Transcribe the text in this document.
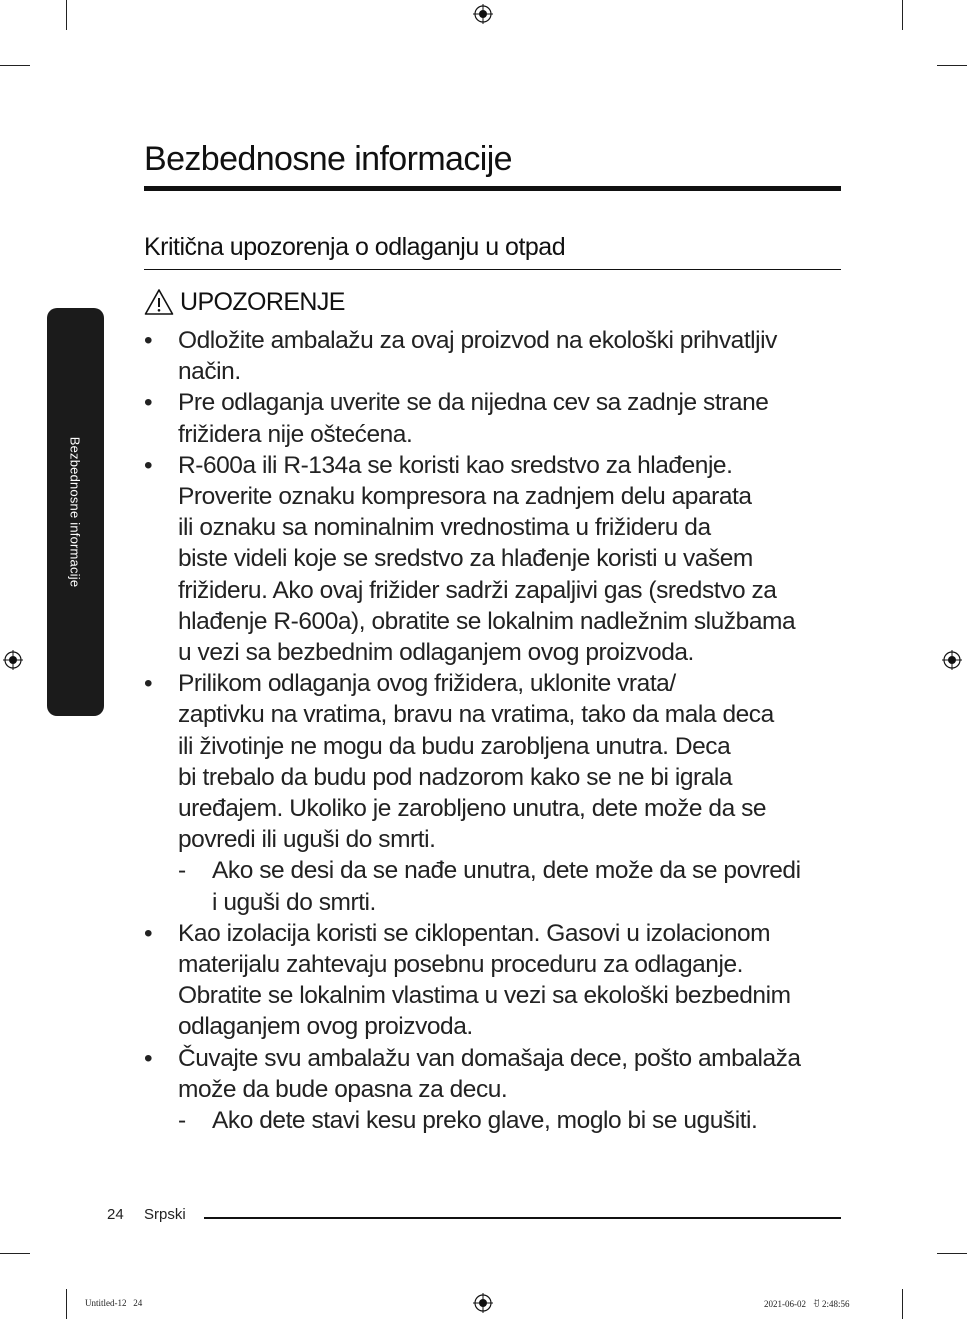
Bezbednosne informacije
Bezbednosne informacije
Kritična upozorenja o odlaganju u otpad
UPOZORENJE
• Odložite ambalažu za ovaj proizvod na ekološki prihvatljiv
način.
• Pre odlaganja uverite se da nijedna cev sa zadnje strane
frižidera nije oštećena.
• R-600a ili R-134a se koristi kao sredstvo za hlađenje.
Proverite oznaku kompresora na zadnjem delu aparata
ili oznaku sa nominalnim vrednostima u frižideru da
biste videli koje se sredstvo za hlađenje koristi u vašem
frižideru. Ako ovaj frižider sadrži zapaljivi gas (sredstvo za
hlađenje R-600a), obratite se lokalnim nadležnim službama
u vezi sa bezbednim odlaganjem ovog proizvoda.
• Prilikom odlaganja ovog frižidera, uklonite vrata/
zaptivku na vratima, bravu na vratima, tako da mala deca
ili životinje ne mogu da budu zarobljena unutra. Deca
bi trebalo da budu pod nadzorom kako se ne bi igrala
uređajem. Ukoliko je zarobljeno unutra, dete može da se
povredi ili uguši do smrti.
- Ako se desi da se nađe unutra, dete može da se povredi
i uguši do smrti.
• Kao izolacija koristi se ciklopentan. Gasovi u izolacionom
materijalu zahtevaju posebnu proceduru za odlaganje.
Obratite se lokalnim vlastima u vezi sa ekološki bezbednim
odlaganjem ovog proizvoda.
• Čuvajte svu ambalažu van domašaja dece, pošto ambalaža
može da bude opasna za decu.
- Ako dete stavi kesu preko glave, moglo bi se ugušiti.
24 Srpski
Untitled-12   24	2021-06-02   ꀀ 2:48:56
